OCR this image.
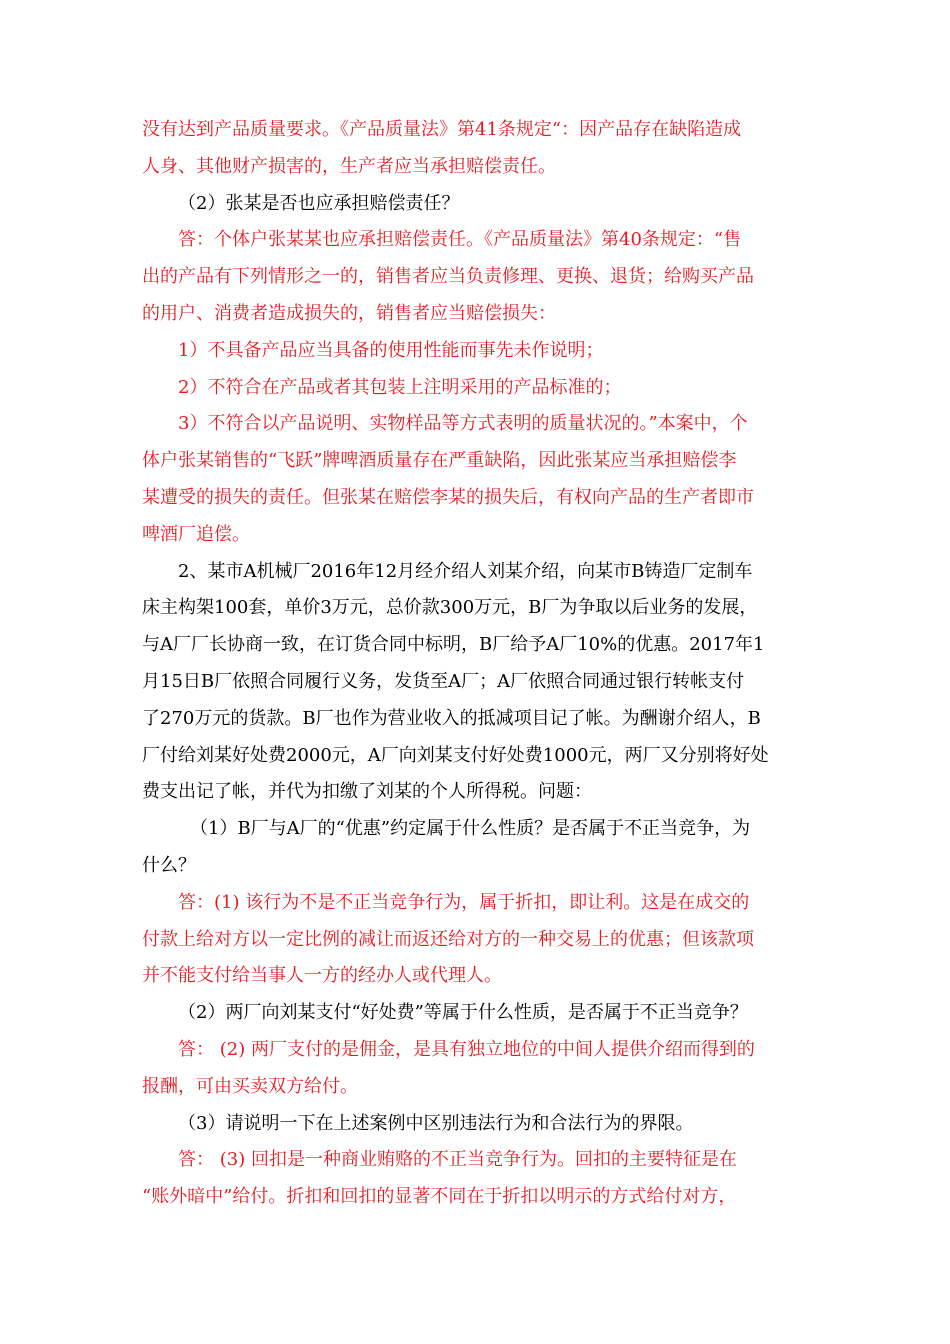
没有达到产品质量要求。《产品质量法》第41条规定“：因产品存在缺陷造成
人身、其他财产损害的，生产者应当承担赔偿责任。
（2）张某是否也应承担赔偿责任？
答：个体户张某某也应承担赔偿责任。《产品质量法》第40条规定：“售
出的产品有下列情形之一的，销售者应当负责修理、更换、退货；给购买产品
的用户、消费者造成损失的，销售者应当赔偿损失：
1）不具备产品应当具备的使用性能而事先未作说明；
2）不符合在产品或者其包装上注明采用的产品标准的；
3）不符合以产品说明、实物样品等方式表明的质量状况的。”本案中，个
体户张某销售的“飞跃”牌啤酒质量存在严重缺陷，因此张某应当承担赔偿李
某遭受的损失的责任。但张某在赔偿李某的损失后，有权向产品的生产者即市
啤酒厂追偿。
2、某市A机械厂2016年12月经介绍人刘某介绍，向某市B铸造厂定制车
床主构架100套，单价3万元，总价款300万元，B厂为争取以后业务的发展，
与A厂厂长协商一致，在订货合同中标明，B厂给予A厂10%的优惠。2017年1
月15日B厂依照合同履行义务，发货至A厂；A厂依照合同通过银行转帐支付
了270万元的货款。B厂也作为营业收入的抵减项目记了帐。为酬谢介绍人，B
厂付给刘某好处费2000元，A厂向刘某支付好处费1000元，两厂又分别将好处
费支出记了帐，并代为扣缴了刘某的个人所得税。问题：
（1）B厂与A厂的“优惠”约定属于什么性质？是否属于不正当竞争，为
什么？
答：(1) 该行为不是不正当竞争行为，属于折扣，即让利。这是在成交的
付款上给对方以一定比例的减让而返还给对方的一种交易上的优惠；但该款项
并不能支付给当事人一方的经办人或代理人。
（2）两厂向刘某支付“好处费”等属于什么性质，是否属于不正当竞争？
答： (2) 两厂支付的是佣金，是具有独立地位的中间人提供介绍而得到的
报酬，可由买卖双方给付。
（3）请说明一下在上述案例中区别违法行为和合法行为的界限。
答： (3) 回扣是一种商业贿赂的不正当竞争行为。回扣的主要特征是在
“账外暗中”给付。折扣和回扣的显著不同在于折扣以明示的方式给付对方，
